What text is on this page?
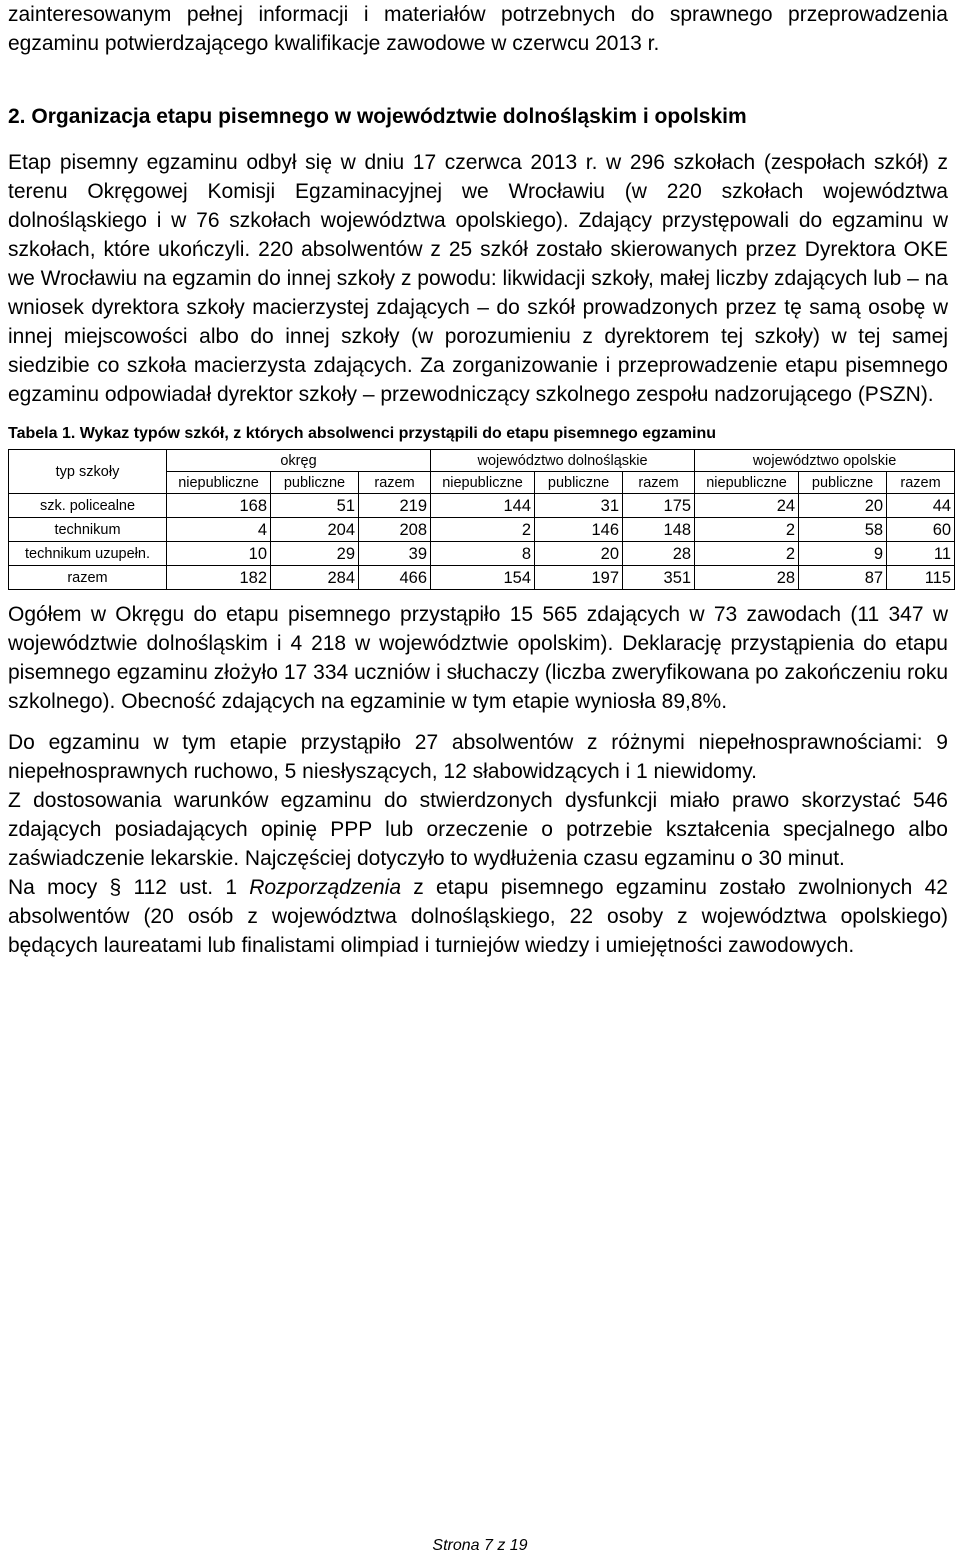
zainteresowanym pełnej informacji i materiałów potrzebnych do sprawnego przeprowadzenia egzaminu potwierdzającego kwalifikacje zawodowe w czerwcu 2013 r.

2. Organizacja etapu pisemnego w województwie dolnośląskim i opolskim

Etap pisemny egzaminu odbył się w dniu 17 czerwca 2013 r. w 296 szkołach (zespołach szkół) z terenu Okręgowej Komisji Egzaminacyjnej we Wrocławiu (w 220 szkołach województwa dolnośląskiego i w 76 szkołach województwa opolskiego). Zdający przystępowali do egzaminu w szkołach, które ukończyli. 220 absolwentów z 25 szkół zostało skierowanych przez Dyrektora OKE we Wrocławiu na egzamin do innej szkoły z powodu: likwidacji szkoły, małej liczby zdających lub – na wniosek dyrektora szkoły macierzystej zdających – do szkół prowadzonych przez tę samą osobę w innej miejscowości albo do innej szkoły (w porozumieniu z dyrektorem tej szkoły) w tej samej siedzibie co szkoła macierzysta zdających. Za zorganizowanie i przeprowadzenie etapu pisemnego egzaminu odpowiadał dyrektor szkoły – przewodniczący szkolnego zespołu nadzorującego (PSZN).

Tabela 1. Wykaz typów szkół, z których absolwenci przystąpili do etapu pisemnego egzaminu
typ szkoły	okręg			województwo dolnośląskie			województwo opolskie		
	niepubliczne	publiczne	razem	niepubliczne	publiczne	razem	niepubliczne	publiczne	razem
szk. policealne	168	51	219	144	31	175	24	20	44
technikum	4	204	208	2	146	148	2	58	60
technikum uzupełn.	10	29	39	8	20	28	2	9	11
razem	182	284	466	154	197	351	28	87	115

Ogółem w Okręgu do etapu pisemnego przystąpiło 15 565 zdających w 73 zawodach (11 347 w województwie dolnośląskim i 4 218 w województwie opolskim). Deklarację przystąpienia do etapu pisemnego egzaminu złożyło 17 334 uczniów i słuchaczy (liczba zweryfikowana po zakończeniu roku szkolnego). Obecność zdających na egzaminie w tym etapie wyniosła 89,8%.

Do egzaminu w tym etapie przystąpiło 27 absolwentów z różnymi niepełnosprawnościami: 9 niepełnosprawnych ruchowo, 5 niesłyszących, 12 słabowidzących i 1 niewidomy.

Z dostosowania warunków egzaminu do stwierdzonych dysfunkcji miało prawo skorzystać 546 zdających posiadających opinię PPP lub orzeczenie o potrzebie kształcenia specjalnego albo zaświadczenie lekarskie. Najczęściej dotyczyło to wydłużenia czasu egzaminu o 30 minut.

Na mocy § 112 ust. 1 Rozporządzenia z etapu pisemnego egzaminu zostało zwolnionych 42 absolwentów (20 osób z województwa dolnośląskiego, 22 osoby z województwa opolskiego) będących laureatami lub finalistami olimpiad i turniejów wiedzy i umiejętności zawodowych.

Strona 7 z 19
